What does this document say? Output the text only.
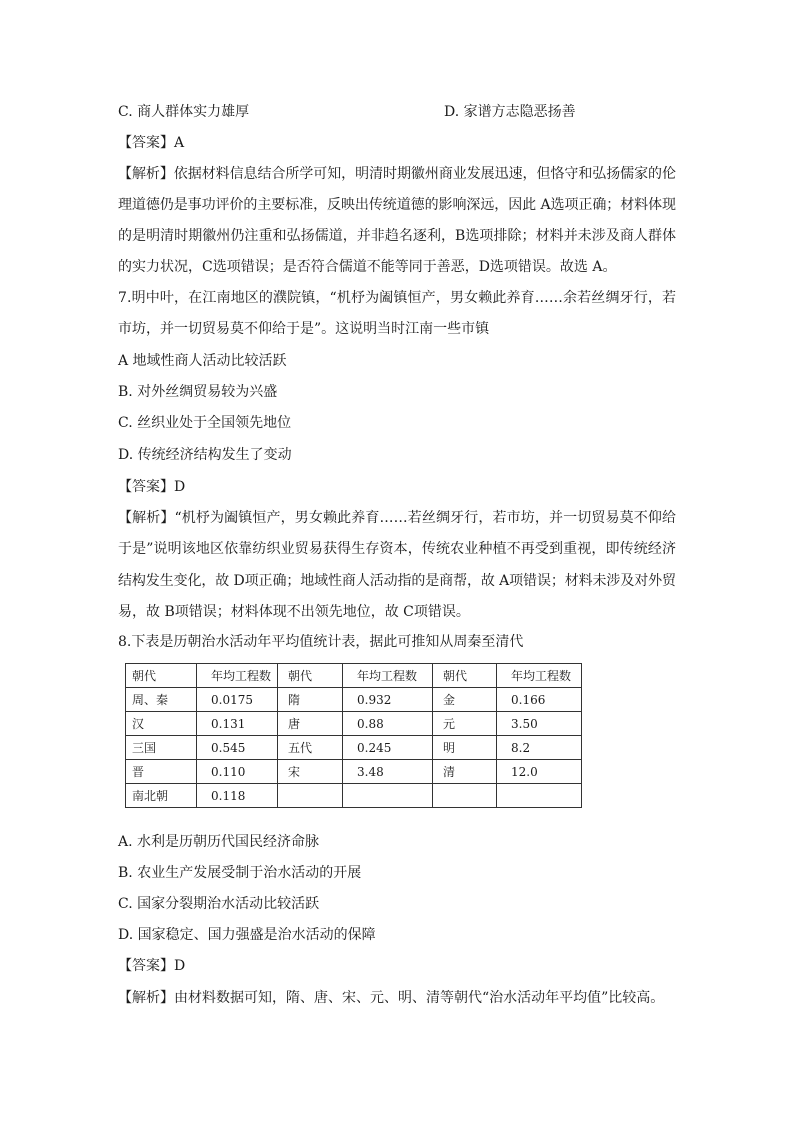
C. 商人群体实力雄厚	D. 家谱方志隐恶扬善
【答案】A
【解析】依据材料信息结合所学可知，明清时期徽州商业发展迅速，但恪守和弘扬儒家的伦
理道德仍是事功评价的主要标准，反映出传统道德的影响深远，因此 A选项正确；材料体现
的是明清时期徽州仍注重和弘扬儒道，并非趋名逐利，B选项排除；材料并未涉及商人群体
的实力状况，C选项错误；是否符合儒道不能等同于善恶，D选项错误。故选 A。
7.明中叶，在江南地区的濮院镇，“机杼为阖镇恒产，男女赖此养育……余若丝绸牙行，若
市坊，并一切贸易莫不仰给于是”。这说明当时江南一些市镇
A 地域性商人活动比较活跃
B. 对外丝绸贸易较为兴盛
C. 丝织业处于全国领先地位
D. 传统经济结构发生了变动
【答案】D
【解析】“机杼为阖镇恒产，男女赖此养育……若丝绸牙行，若市坊，并一切贸易莫不仰给
于是”说明该地区依靠纺织业贸易获得生存资本，传统农业种植不再受到重视，即传统经济
结构发生变化，故 D项正确；地域性商人活动指的是商帮，故 A项错误；材料未涉及对外贸
易，故 B项错误；材料体现不出领先地位，故 C项错误。
8.下表是历朝治水活动年平均值统计表，据此可推知从周秦至清代
朝代	年均工程数	朝代	年均工程数	朝代	年均工程数
周、秦	0.0175	隋	0.932	金	0.166
汉	0.131	唐	0.88	元	3.50
三国	0.545	五代	0.245	明	8.2
晋	0.110	宋	3.48	清	12.0
南北朝	0.118				
A. 水利是历朝历代国民经济命脉
B. 农业生产发展受制于治水活动的开展
C. 国家分裂期治水活动比较活跃
D. 国家稳定、国力强盛是治水活动的保障
【答案】D
【解析】由材料数据可知，隋、唐、宋、元、明、清等朝代“治水活动年平均值”比较高。
